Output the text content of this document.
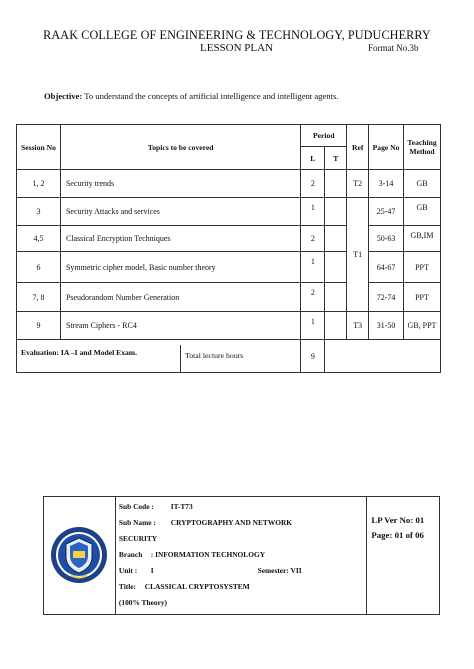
RAAK COLLEGE OF ENGINEERING & TECHNOLOGY, PUDUCHERRY
LESSON PLAN	Format No.3b
Objective: To understand the concepts of artificial intelligence and intelligent agents.
Session No	Topics to be covered	Period		Ref	Page No	Teaching Method
		L	T			
1, 2	Security trends	2		T2	3-14	GB
3	Security Attacks and services	1		T1	25-47	GB
4,5	Classical Encryption Techniques	2			50-63	GB,IM
6	Symmetric cipher model, Basic number theory	1			64-67	PPT
7, 8	Pseudorandom Number Generation	2			72-74	PPT
9	Stream Ciphers - RC4	1		T3	31-50	GB, PPT

Evaluation: IA –I and Model Exam. Total lecture hours		9				

Sub Code : IT-T73
Sub Name : CRYPTOGRAPHY AND NETWORK
SECURITY
Branch : INFORMATION TECHNOLOGY
Unit : I	Semester: VII
Title: CLASSICAL CRYPTOSYSTEM
(100% Theory)

LP Ver No: 01
Page: 01 of 06
